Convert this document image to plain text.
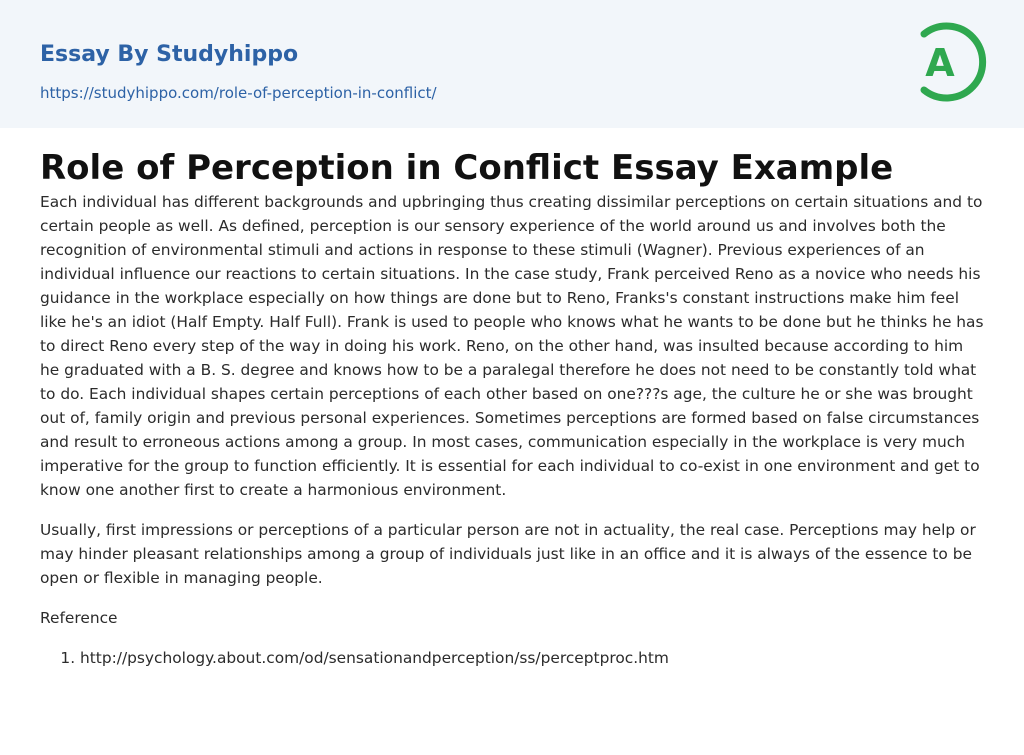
Essay By Studyhippo
https://studyhippo.com/role-of-perception-in-conflict/
A
Role of Perception in Conflict Essay Example

Each individual has different backgrounds and upbringing thus creating dissimilar perceptions on certain situations and to certain people as well. As defined, perception is our sensory experience of the world around us and involves both the recognition of environmental stimuli and actions in response to these stimuli (Wagner). Previous experiences of an individual influence our reactions to certain situations. In the case study, Frank perceived Reno as a novice who needs his guidance in the workplace especially on how things are done but to Reno, Franks's constant instructions make him feel like he's an idiot (Half Empty. Half Full). Frank is used to people who knows what he wants to be done but he thinks he has to direct Reno every step of the way in doing his work. Reno, on the other hand, was insulted because according to him he graduated with a B. S. degree and knows how to be a paralegal therefore he does not need to be constantly told what to do. Each individual shapes certain perceptions of each other based on one???s age, the culture he or she was brought out of, family origin and previous personal experiences. Sometimes perceptions are formed based on false circumstances and result to erroneous actions among a group. In most cases, communication especially in the workplace is very much imperative for the group to function efficiently. It is essential for each individual to co-exist in one environment and get to know one another first to create a harmonious environment.

Usually, first impressions or perceptions of a particular person are not in actuality, the real case. Perceptions may help or may hinder pleasant relationships among a group of individuals just like in an office and it is always of the essence to be open or flexible in managing people.

Reference

1. http://psychology.about.com/od/sensationandperception/ss/perceptproc.htm
